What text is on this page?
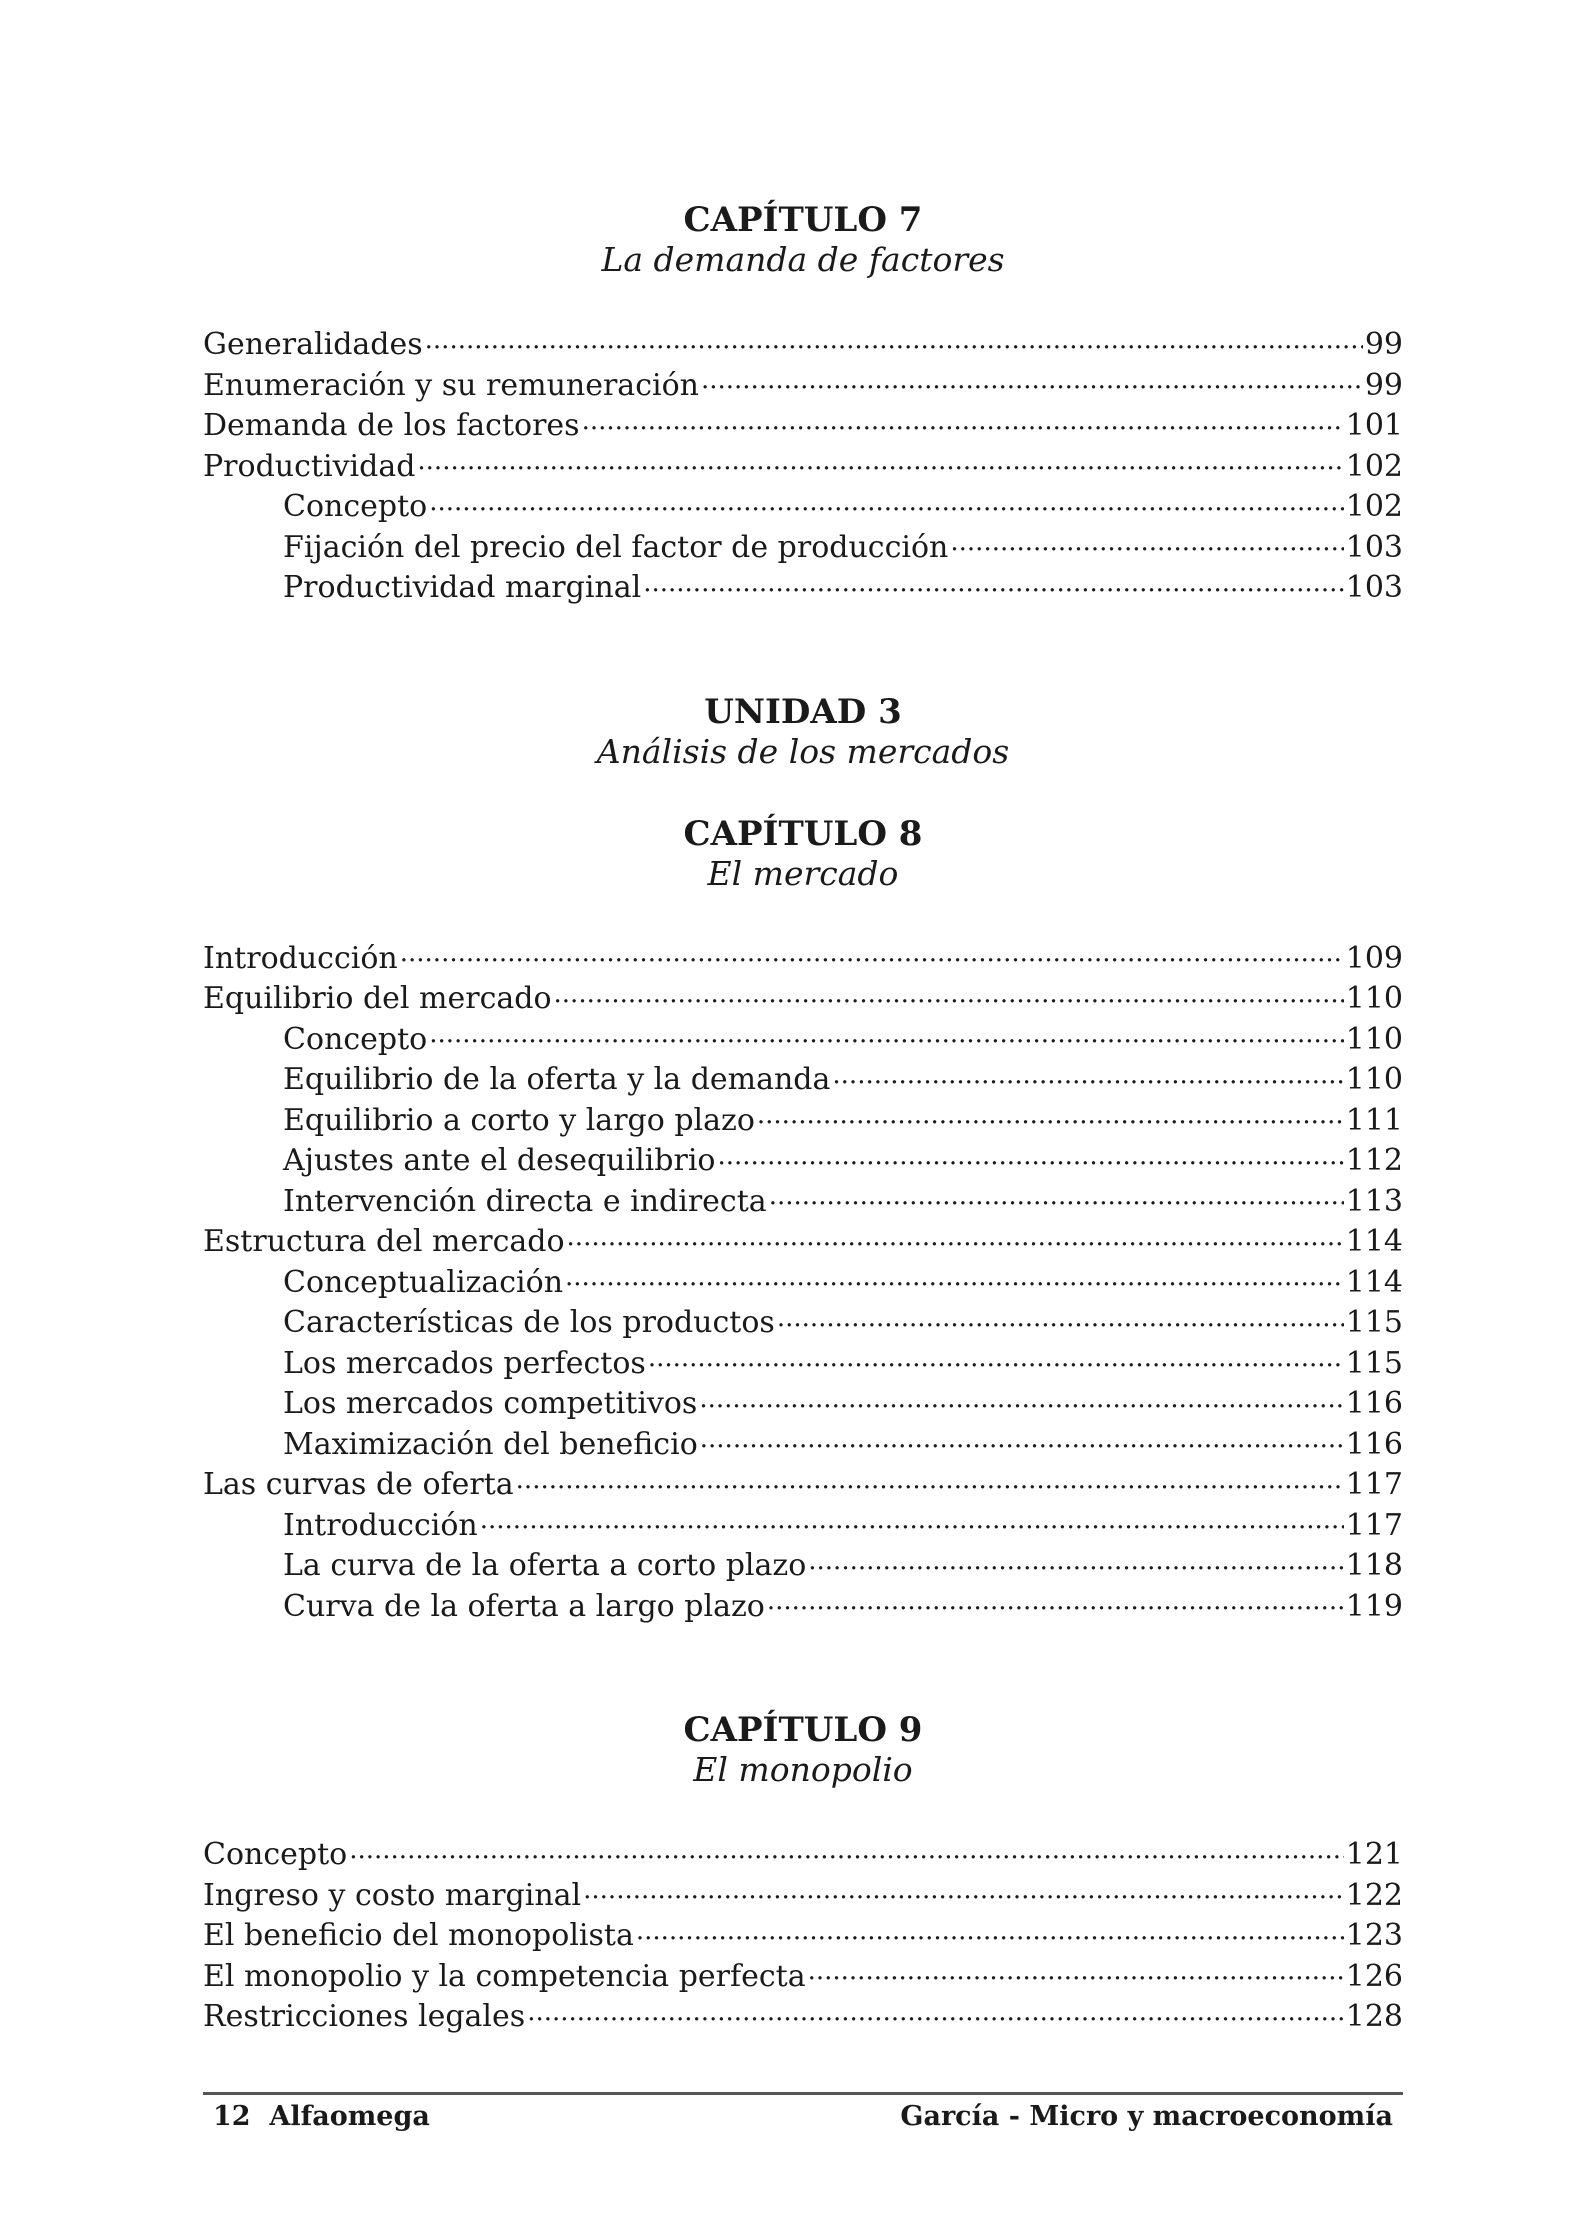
CAPÍTULO 7
La demanda de factores
Generalidades .....	99
Enumeración y su remuneración .....	99
Demanda de los factores .....	101
Productividad .....	102
Concepto .....	102
Fijación del precio del factor de producción .....	103
Productividad marginal .....	103
UNIDAD 3
Análisis de los mercados
CAPÍTULO 8
El mercado
Introducción .....	109
Equilibrio del mercado .....	110
Concepto .....	110
Equilibrio de la oferta y la demanda .....	110
Equilibrio a corto y largo plazo .....	111
Ajustes ante el desequilibrio .....	112
Intervención directa e indirecta .....	113
Estructura del mercado .....	114
Conceptualización .....	114
Características de los productos .....	115
Los mercados perfectos .....	115
Los mercados competitivos .....	116
Maximización del beneficio .....	116
Las curvas de oferta .....	117
Introducción .....	117
La curva de la oferta a corto plazo .....	118
Curva de la oferta a largo plazo .....	119
CAPÍTULO 9
El monopolio
Concepto .....	121
Ingreso y costo marginal .....	122
El beneficio del monopolista .....	123
El monopolio y la competencia perfecta .....	126
Restricciones legales .....	128
12  Alfaomega	García - Micro y macroeconomía
